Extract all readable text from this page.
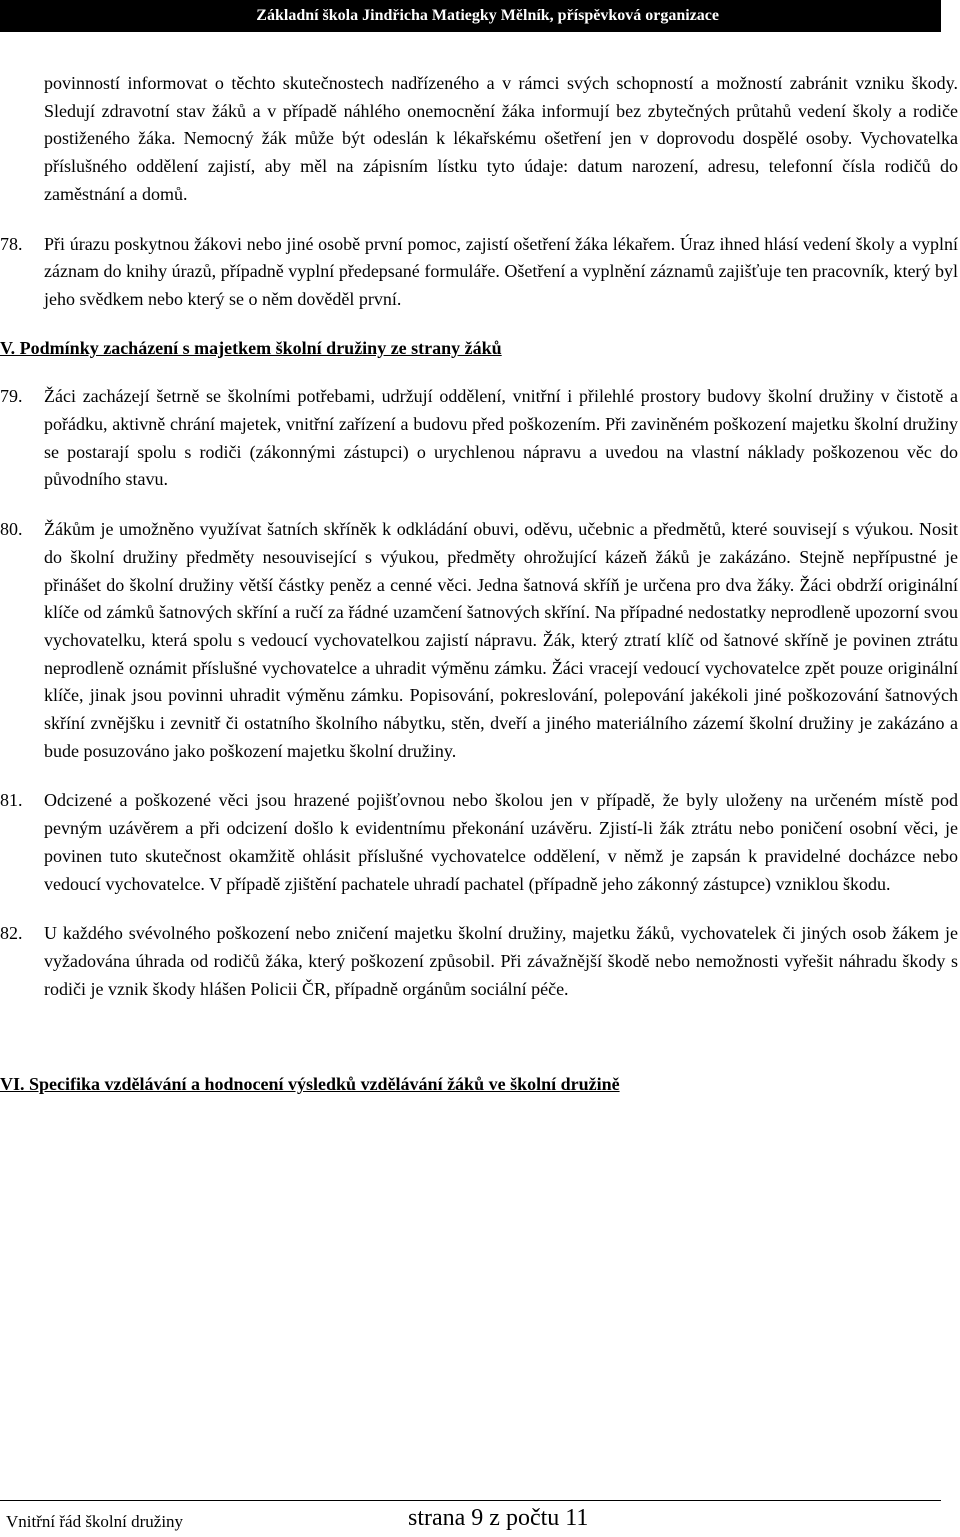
Základní škola Jindřicha Matiegky Mělník, příspěvková organizace

povinností informovat o těchto skutečnostech nadřízeného a v rámci svých schopností a možností zabránit vzniku škody. Sledují zdravotní stav žáků a v případě náhlého onemocnění žáka informují bez zbytečných průtahů vedení školy a rodiče postiženého žáka. Nemocný žák může být odeslán k lékařskému ošetření jen v doprovodu dospělé osoby. Vychovatelka příslušného oddělení zajistí, aby měl na zápisním lístku tyto údaje: datum narození, adresu, telefonní čísla rodičů do zaměstnání a domů.

78.	Při úrazu poskytnou žákovi nebo jiné osobě první pomoc, zajistí ošetření žáka lékařem. Úraz ihned hlásí vedení školy a vyplní záznam do knihy úrazů, případně vyplní předepsané formuláře. Ošetření a vyplnění záznamů zajišťuje ten pracovník, který byl jeho svědkem nebo který se o něm dověděl první.

V. Podmínky zacházení s majetkem školní družiny ze strany žáků

79.	Žáci zacházejí šetrně se školními potřebami, udržují oddělení, vnitřní i přilehlé prostory budovy školní družiny v čistotě a pořádku, aktivně chrání majetek, vnitřní zařízení a budovu před poškozením. Při zaviněném poškození majetku školní družiny se postarají spolu s rodiči (zákonnými zástupci) o urychlenou nápravu a uvedou na vlastní náklady poškozenou věc do původního stavu.
80.	Žákům je umožněno využívat šatních skříněk k odkládání obuvi, oděvu, učebnic a předmětů, které souvisejí s výukou. Nosit do školní družiny předměty nesouvisející s výukou, předměty ohrožující kázeň žáků je zakázáno. Stejně nepřípustné je přinášet do školní družiny větší částky peněz a cenné věci. Jedna šatnová skříň je určena pro dva žáky. Žáci obdrží originální klíče od zámků šatnových skříní a ručí za řádné uzamčení šatnových skříní. Na případné nedostatky neprodleně upozorní svou vychovatelku, která spolu s vedoucí vychovatelkou zajistí nápravu. Žák, který ztratí klíč od šatnové skříně je povinen ztrátu neprodleně oznámit příslušné vychovatelce a uhradit výměnu zámku. Žáci vracejí vedoucí vychovatelce zpět pouze originální klíče, jinak jsou povinni uhradit výměnu zámku. Popisování, pokreslování, polepování jakékoli jiné poškozování šatnových skříní zvnějšku i zevnitř či ostatního školního nábytku, stěn, dveří a jiného materiálního zázemí školní družiny je zakázáno a bude posuzováno jako poškození majetku školní družiny.
81.	Odcizené a poškozené věci jsou hrazené pojišťovnou nebo školou jen v případě, že byly uloženy na určeném místě pod pevným uzávěrem a při odcizení došlo k evidentnímu překonání uzávěru. Zjistí-li žák ztrátu nebo poničení osobní věci, je povinen tuto skutečnost okamžitě ohlásit příslušné vychovatelce oddělení, v němž je zapsán k pravidelné docházce nebo vedoucí vychovatelce. V případě zjištění pachatele uhradí pachatel (případně jeho zákonný zástupce) vzniklou škodu.
82.	U každého svévolného poškození nebo zničení majetku školní družiny, majetku žáků, vychovatelek či jiných osob žákem je vyžadována úhrada od rodičů žáka, který poškození způsobil. Při závažnější škodě nebo nemožnosti vyřešit náhradu škody s rodiči je vznik škody hlášen Policii ČR, případně orgánům sociální péče.

VI. Specifika vzdělávání a hodnocení výsledků vzdělávání žáků ve školní družině

Vnitřní řád školní družiny	strana 9 z počtu 11
